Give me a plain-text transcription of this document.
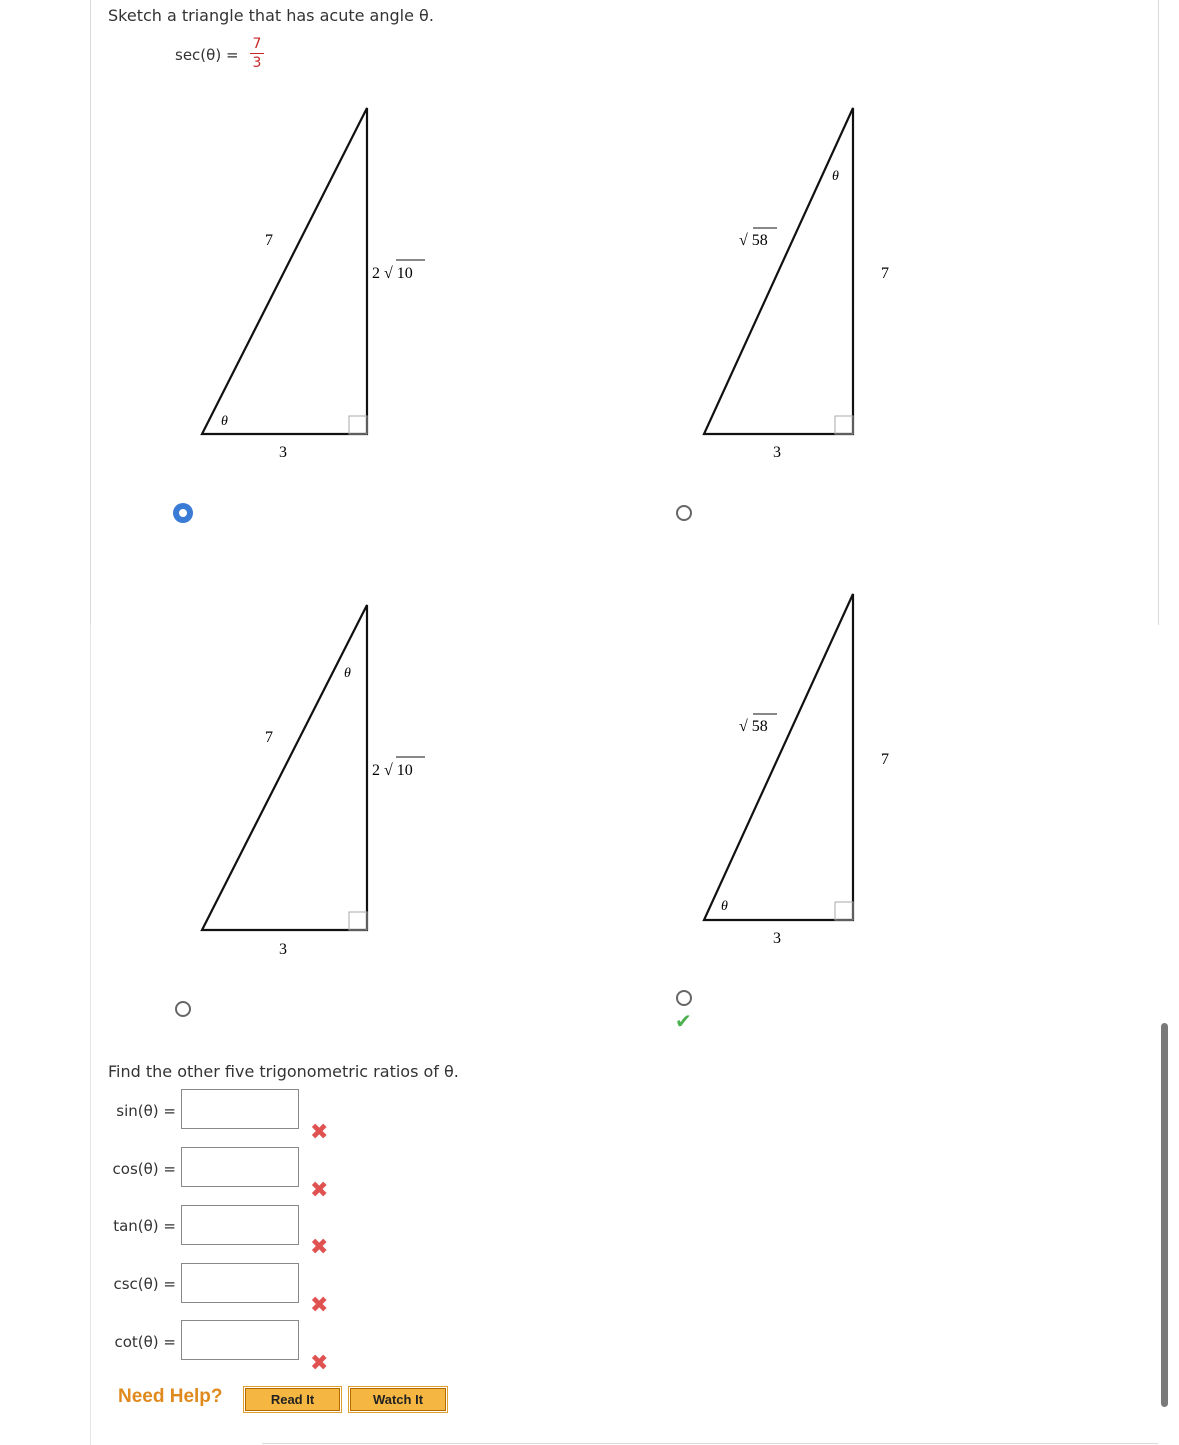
Sketch a triangle that has acute angle θ.
sec(θ) =
7
3
7
2 √ 10
3
θ
√ 58
7
3
θ
7
2 √ 10
3
θ
√ 58
7
3
θ
✔
Find the other five trigonometric ratios of θ.
sin(θ) =
✖
cos(θ) =
✖
tan(θ) =
✖
csc(θ) =
✖
cot(θ) =
✖
Need Help?	Read It	Watch It
